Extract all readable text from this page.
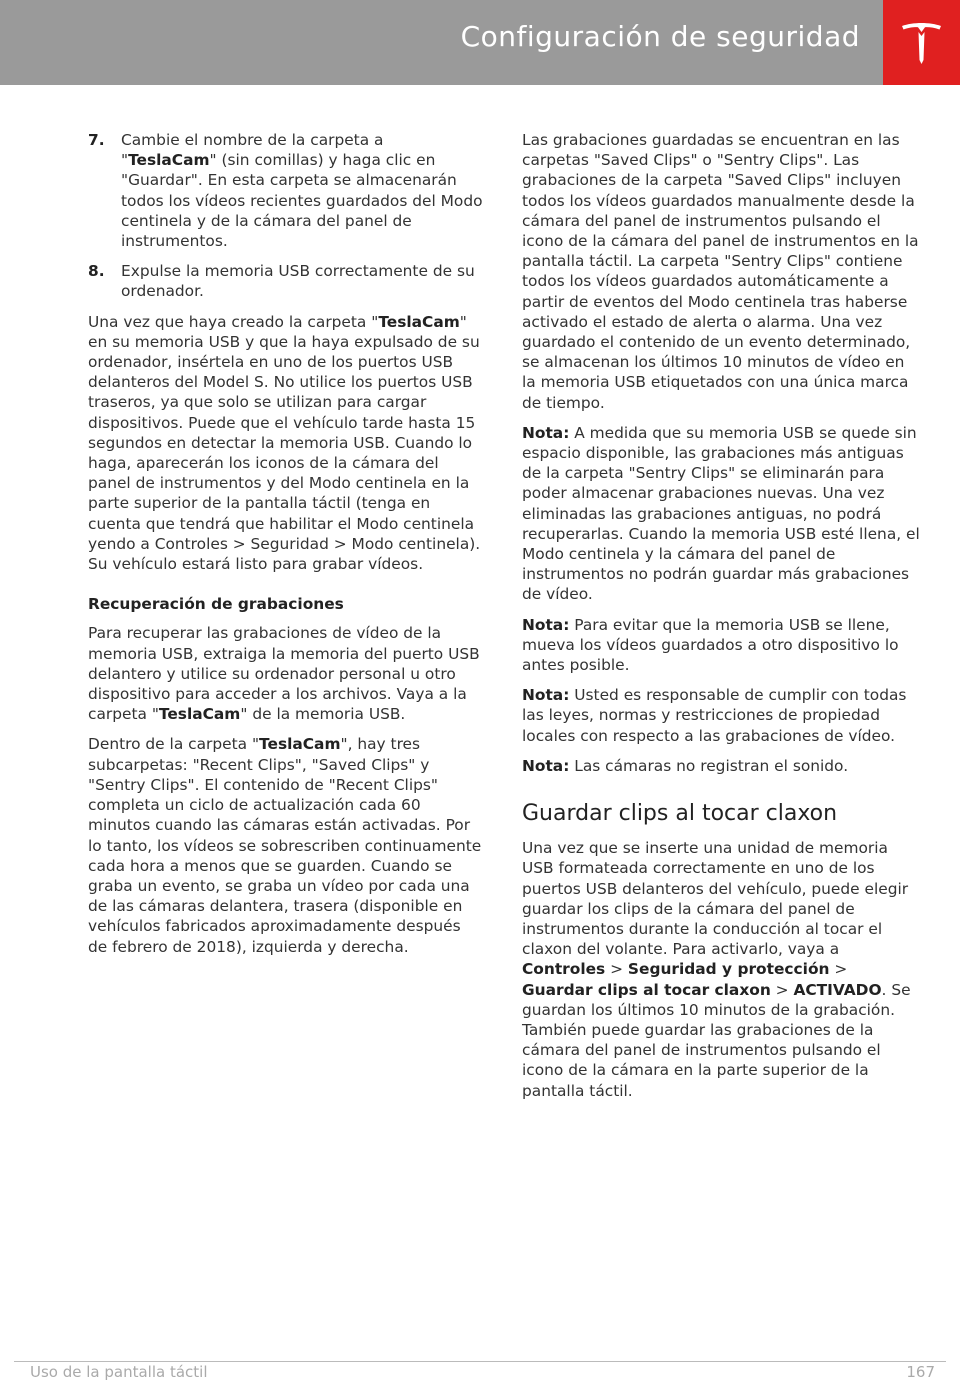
Configuración de seguridad
7. Cambie el nombre de la carpeta a "TeslaCam" (sin comillas) y haga clic en "Guardar". En esta carpeta se almacenarán todos los vídeos recientes guardados del Modo centinela y de la cámara del panel de instrumentos.
8. Expulse la memoria USB correctamente de su ordenador.

Una vez que haya creado la carpeta "TeslaCam" en su memoria USB y que la haya expulsado de su ordenador, insértela en uno de los puertos USB delanteros del Model S. No utilice los puertos USB traseros, ya que solo se utilizan para cargar dispositivos. Puede que el vehículo tarde hasta 15 segundos en detectar la memoria USB. Cuando lo haga, aparecerán los iconos de la cámara del panel de instrumentos y del Modo centinela en la parte superior de la pantalla táctil (tenga en cuenta que tendrá que habilitar el Modo centinela yendo a Controles > Seguridad > Modo centinela). Su vehículo estará listo para grabar vídeos.

Recuperación de grabaciones

Para recuperar las grabaciones de vídeo de la memoria USB, extraiga la memoria del puerto USB delantero y utilice su ordenador personal u otro dispositivo para acceder a los archivos. Vaya a la carpeta "TeslaCam" de la memoria USB.

Dentro de la carpeta "TeslaCam", hay tres subcarpetas: "Recent Clips", "Saved Clips" y "Sentry Clips". El contenido de "Recent Clips" completa un ciclo de actualización cada 60 minutos cuando las cámaras están activadas. Por lo tanto, los vídeos se sobrescriben continuamente cada hora a menos que se guarden. Cuando se graba un evento, se graba un vídeo por cada una de las cámaras delantera, trasera (disponible en vehículos fabricados aproximadamente después de febrero de 2018), izquierda y derecha.

Las grabaciones guardadas se encuentran en las carpetas "Saved Clips" o "Sentry Clips". Las grabaciones de la carpeta "Saved Clips" incluyen todos los vídeos guardados manualmente desde la cámara del panel de instrumentos pulsando el icono de la cámara del panel de instrumentos en la pantalla táctil. La carpeta "Sentry Clips" contiene todos los vídeos guardados automáticamente a partir de eventos del Modo centinela tras haberse activado el estado de alerta o alarma. Una vez guardado el contenido de un evento determinado, se almacenan los últimos 10 minutos de vídeo en la memoria USB etiquetados con una única marca de tiempo.

Nota: A medida que su memoria USB se quede sin espacio disponible, las grabaciones más antiguas de la carpeta "Sentry Clips" se eliminarán para poder almacenar grabaciones nuevas. Una vez eliminadas las grabaciones antiguas, no podrá recuperarlas. Cuando la memoria USB esté llena, el Modo centinela y la cámara del panel de instrumentos no podrán guardar más grabaciones de vídeo.

Nota: Para evitar que la memoria USB se llene, mueva los vídeos guardados a otro dispositivo lo antes posible.

Nota: Usted es responsable de cumplir con todas las leyes, normas y restricciones de propiedad locales con respecto a las grabaciones de vídeo.

Nota: Las cámaras no registran el sonido.

Guardar clips al tocar claxon

Una vez que se inserte una unidad de memoria USB formateada correctamente en uno de los puertos USB delanteros del vehículo, puede elegir guardar los clips de la cámara del panel de instrumentos durante la conducción al tocar el claxon del volante. Para activarlo, vaya a Controles > Seguridad y protección > Guardar clips al tocar claxon > ACTIVADO. Se guardan los últimos 10 minutos de la grabación. También puede guardar las grabaciones de la cámara del panel de instrumentos pulsando el icono de la cámara en la parte superior de la pantalla táctil.

Uso de la pantalla táctil	167
